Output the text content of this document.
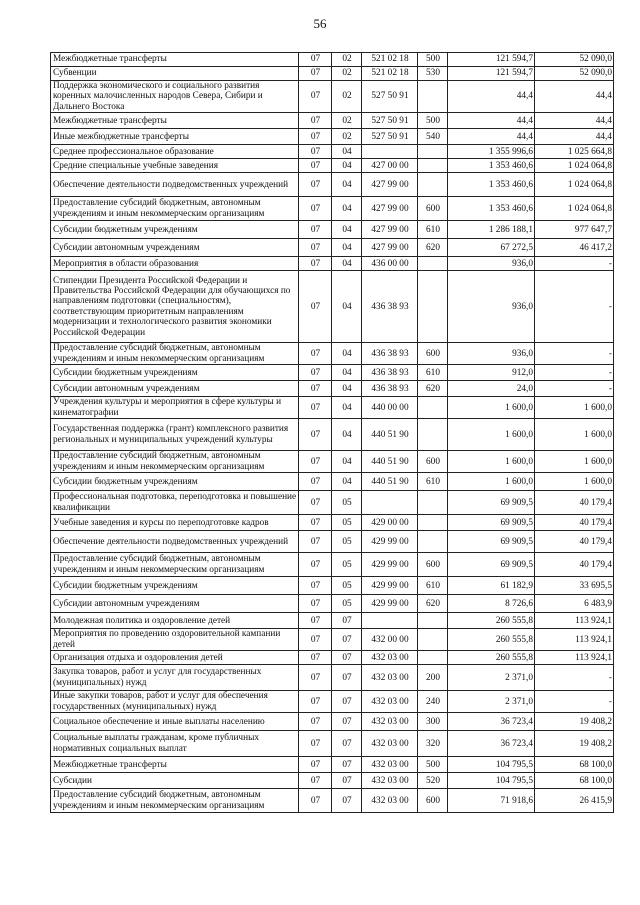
56
Межбюджетные трансферты	07	02	521 02 18	500	121 594,7	52 090,0
Субвенции	07	02	521 02 18	530	121 594,7	52 090,0
Поддержка экономического и социального развития коренных малочисленных народов Севера, Сибири и Дальнего Востока	07	02	527 50 91		44,4	44,4
Межбюджетные трансферты	07	02	527 50 91	500	44,4	44,4
Иные межбюджетные трансферты	07	02	527 50 91	540	44,4	44,4
Среднее профессиональное образование	07	04			1 355 996,6	1 025 664,8
Средние специальные учебные заведения	07	04	427 00 00		1 353 460,6	1 024 064,8
Обеспечение деятельности подведомственных учреждений	07	04	427 99 00		1 353 460,6	1 024 064,8
Предоставление субсидий бюджетным, автономным учреждениям и иным некоммерческим организациям	07	04	427 99 00	600	1 353 460,6	1 024 064,8
Субсидии бюджетным учреждениям	07	04	427 99 00	610	1 286 188,1	977 647,7
Субсидии автономным учреждениям	07	04	427 99 00	620	67 272,5	46 417,2
Мероприятия в области образования	07	04	436 00 00		936,0	-
Стипендии Президента Российской Федерации и Правительства Российской Федерации для обучающихся по направлениям подготовки (специальностям), соответствующим приоритетным направлениям модернизации и технологического развития экономики Российской Федерации	07	04	436 38 93		936,0	-
Предоставление субсидий бюджетным, автономным учреждениям и иным некоммерческим организациям	07	04	436 38 93	600	936,0	-
Субсидии бюджетным учреждениям	07	04	436 38 93	610	912,0	-
Субсидии автономным учреждениям	07	04	436 38 93	620	24,0	-
Учреждения культуры и мероприятия в сфере культуры и кинематографии	07	04	440 00 00		1 600,0	1 600,0
Государственная поддержка (грант) комплексного развития региональных и муниципальных учреждений культуры	07	04	440 51 90		1 600,0	1 600,0
Предоставление субсидий бюджетным, автономным учреждениям и иным некоммерческим организациям	07	04	440 51 90	600	1 600,0	1 600,0
Субсидии бюджетным учреждениям	07	04	440 51 90	610	1 600,0	1 600,0
Профессиональная подготовка, переподготовка и повышение квалификации	07	05			69 909,5	40 179,4
Учебные заведения и курсы по переподготовке кадров	07	05	429 00 00		69 909,5	40 179,4
Обеспечение деятельности подведомственных учреждений	07	05	429 99 00		69 909,5	40 179,4
Предоставление субсидий бюджетным, автономным учреждениям и иным некоммерческим организациям	07	05	429 99 00	600	69 909,5	40 179,4
Субсидии бюджетным учреждениям	07	05	429 99 00	610	61 182,9	33 695,5
Субсидии автономным учреждениям	07	05	429 99 00	620	8 726,6	6 483,9
Молодежная политика и оздоровление детей	07	07			260 555,8	113 924,1
Мероприятия по проведению оздоровительной кампании детей	07	07	432 00 00		260 555,8	113 924,1
Организация отдыха и оздоровления детей	07	07	432 03 00		260 555,8	113 924,1
Закупка товаров, работ и услуг для государственных (муниципальных) нужд	07	07	432 03 00	200	2 371,0	-
Иные закупки товаров, работ и услуг для обеспечения государственных (муниципальных) нужд	07	07	432 03 00	240	2 371,0	-
Социальное обеспечение и иные выплаты населению	07	07	432 03 00	300	36 723,4	19 408,2
Социальные выплаты гражданам, кроме публичных нормативных социальных выплат	07	07	432 03 00	320	36 723,4	19 408,2
Межбюджетные трансферты	07	07	432 03 00	500	104 795,5	68 100,0
Субсидии	07	07	432 03 00	520	104 795,5	68 100,0
Предоставление субсидий бюджетным, автономным учреждениям и иным некоммерческим организациям	07	07	432 03 00	600	71 918,6	26 415,9
